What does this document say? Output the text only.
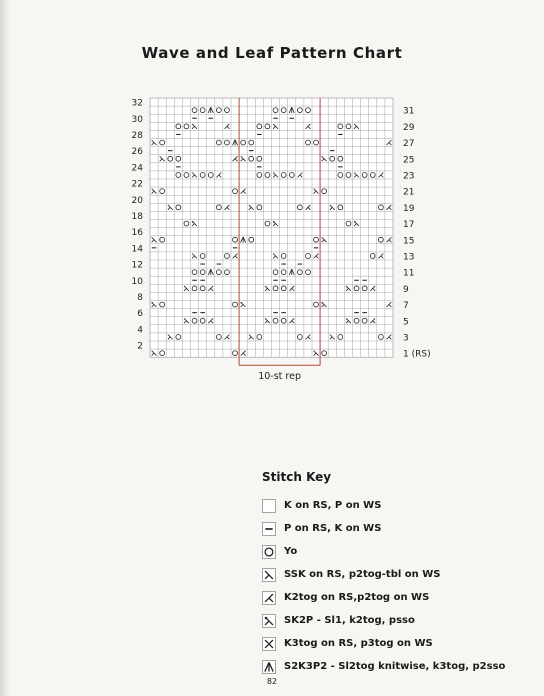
Wave and Leaf Pattern Chart
2
4
6
8
10
12
14
16
18
20
22
24
26
28
30
32
1 (RS)
3
5
7
9
11
13
15
17
19
21
23
25
27
29
31
10-st rep
Stitch Key
K on RS, P on WS
P on RS, K on WS
Yo
SSK on RS, p2tog-tbl on WS
K2tog on RS,p2tog on WS
SK2P - Sl1, k2tog, psso
K3tog on RS, p3tog on WS
S2K3P2 - Sl2tog knitwise, k3tog, p2sso
82
